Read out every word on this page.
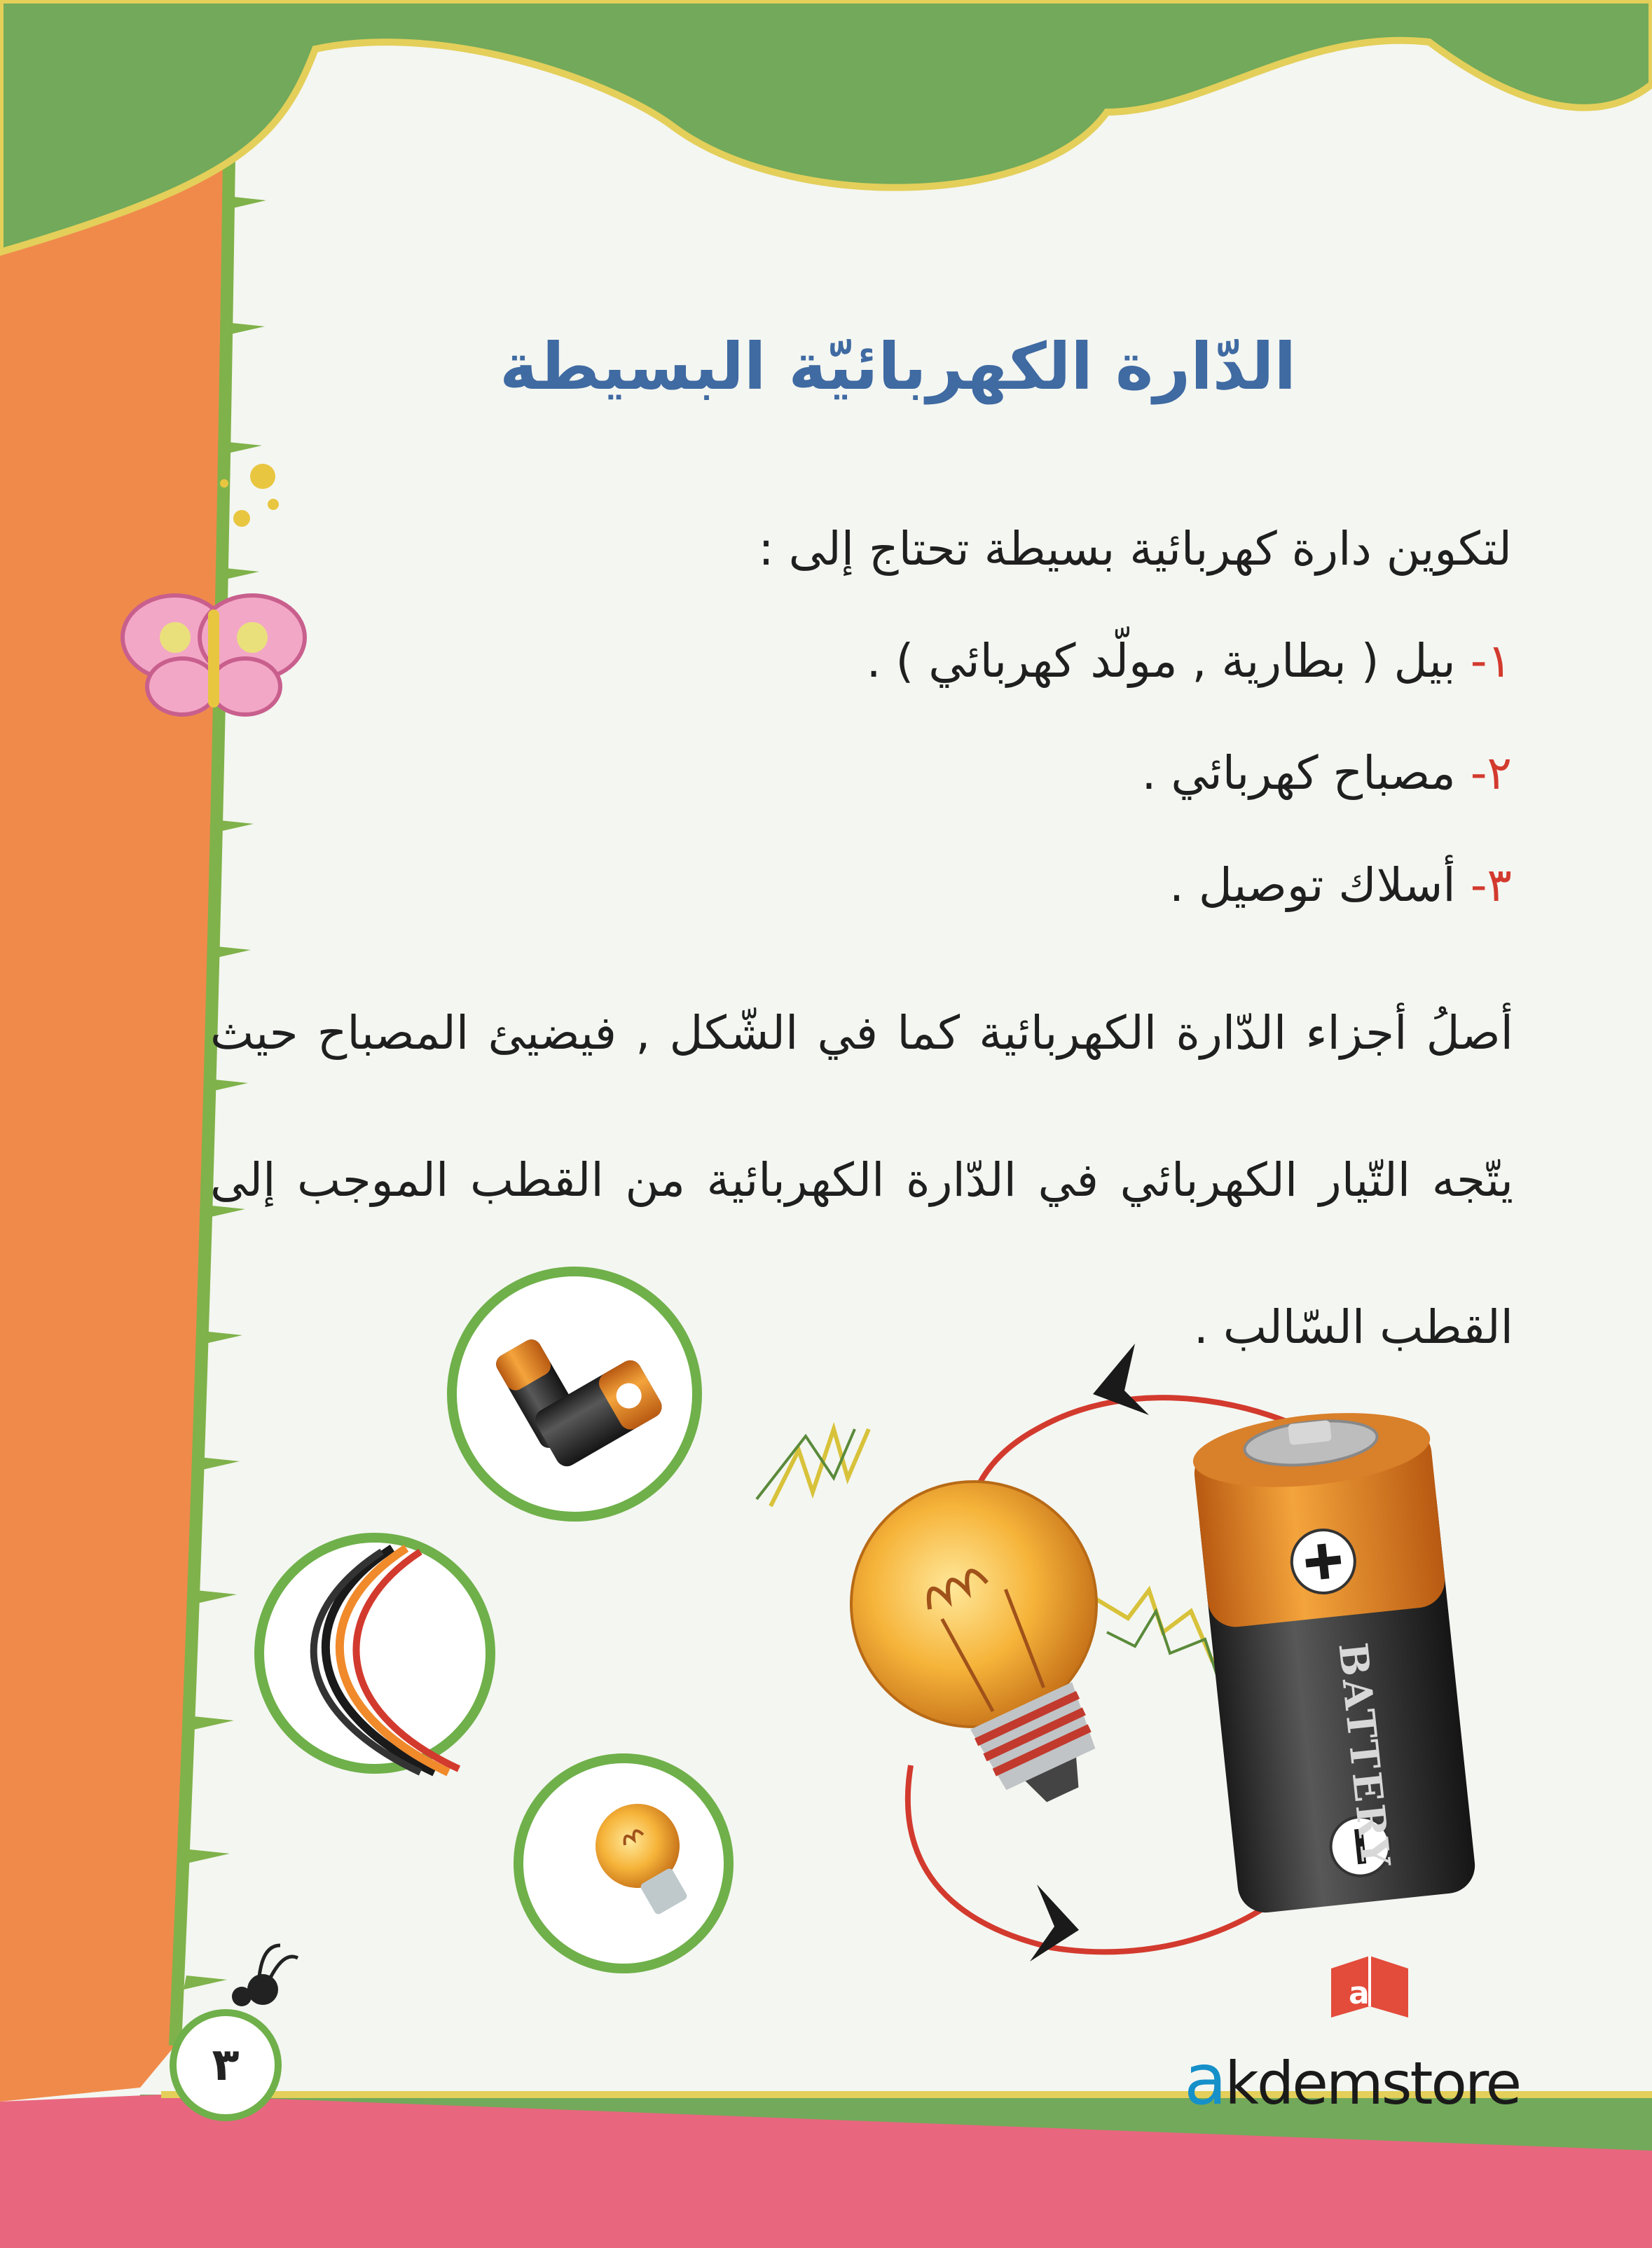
BATTERY
a
الدّارة الكهربائيّة البسيطة
لتكوين دارة كهربائية بسيطة تحتاج إلى :
١- بيل ( بطارية , مولّد كهربائي ) .
٢- مصباح كهربائي .
٣- أسلاك توصيل .
أصلُ أجزاء الدّارة الكهربائية كما في الشّكل , فيضيئ المصباح حيث يتّجه التّيار الكهربائي في الدّارة الكهربائية من القطب الموجب إلى القطب السّالب .
٣	akdemstore
